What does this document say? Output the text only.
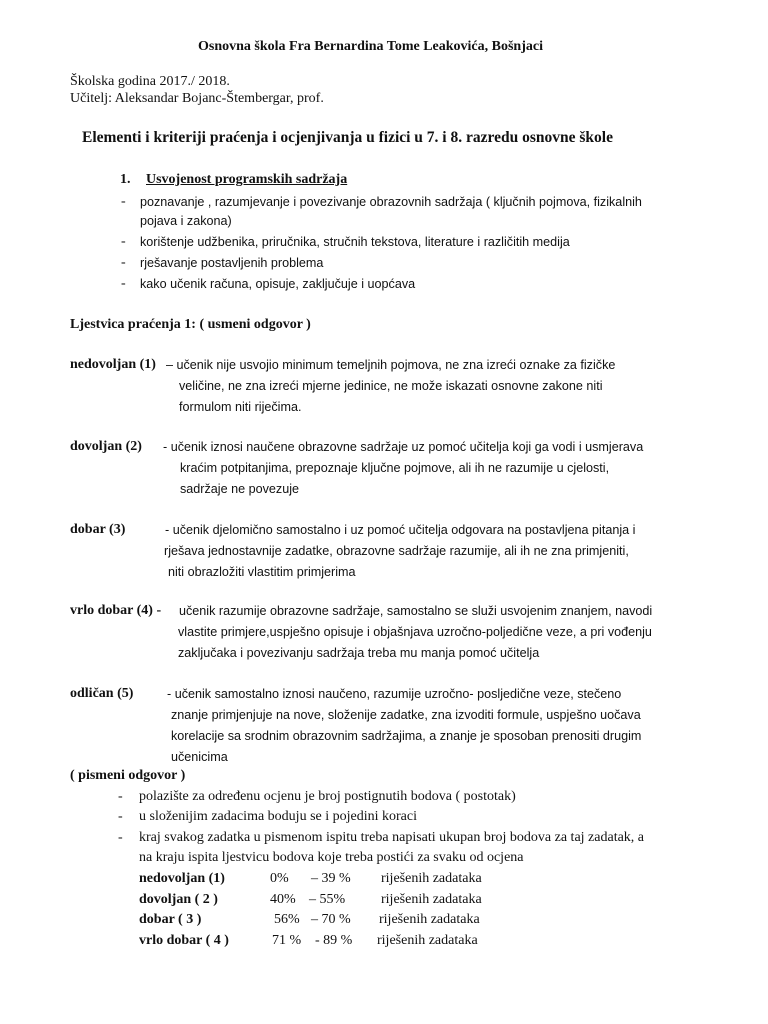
Osnovna škola Fra Bernardina Tome Leakovića, Bošnjaci
Školska godina 2017./ 2018.
Učitelj: Aleksandar Bojanc-Štembergar, prof.
Elementi i kriteriji praćenja i ocjenjivanja u fizici u 7. i 8. razredu osnovne škole
1. Usvojenost programskih sadržaja
- poznavanje , razumjevanje i povezivanje obrazovnih sadržaja ( ključnih pojmova, fizikalnih
pojava i zakona)
- korištenje udžbenika, priručnika, stručnih tekstova, literature i različitih medija
- rješavanje postavljenih problema
- kako učenik računa, opisuje, zaključuje i uopćava
Ljestvica praćenja 1: ( usmeni odgovor )
nedovoljan (1) – učenik nije usvojio minimum temeljnih pojmova, ne zna izreći oznake za fizičke
veličine, ne zna izreći mjerne jedinice, ne može iskazati osnovne zakone niti
formulom niti riječima.
dovoljan (2) - učenik iznosi naučene obrazovne sadržaje uz pomoć učitelja koji ga vodi i usmjerava
kraćim potpitanjima, prepoznaje ključne pojmove, ali ih ne razumije u cjelosti,
sadržaje ne povezuje
dobar (3)	- učenik djelomično samostalno i uz pomoć učitelja odgovara na postavljena pitanja i
rješava jednostavnije zadatke, obrazovne sadržaje razumije, ali ih ne zna primjeniti,
niti obrazložiti vlastitim primjerima
vrlo dobar (4) - učenik razumije obrazovne sadržaje, samostalno se služi usvojenim znanjem, navodi
vlastite primjere,uspješno opisuje i objašnjava uzročno-poljedične veze, a pri vođenju
zaključaka i povezivanju sadržaja treba mu manja pomoć učitelja
odličan (5)	- učenik samostalno iznosi naučeno, razumije uzročno- posljedične veze, stečeno
znanje primjenjuje na nove, složenije zadatke, zna izvoditi formule, uspješno uočava
korelacije sa srodnim obrazovnim sadržajima, a znanje je sposoban prenositi drugim
učenicima
( pismeni odgovor )
- polazište za određenu ocjenu je broj postignutih bodova ( postotak)
- u složenijim zadacima boduju se i pojedini koraci
- kraj svakog zadatka u pismenom ispitu treba napisati ukupan broj bodova za taj zadatak, a
na kraju ispita ljestvicu bodova koje treba postići za svaku od ocjena
nedovoljan (1)	0% – 39 % riješenih zadataka
dovoljan ( 2 )	40% – 55%	riješenih zadataka
dobar ( 3 )	56% – 70 % riješenih zadataka
vrlo dobar ( 4 )	71 % - 89 % riješenih zadataka
